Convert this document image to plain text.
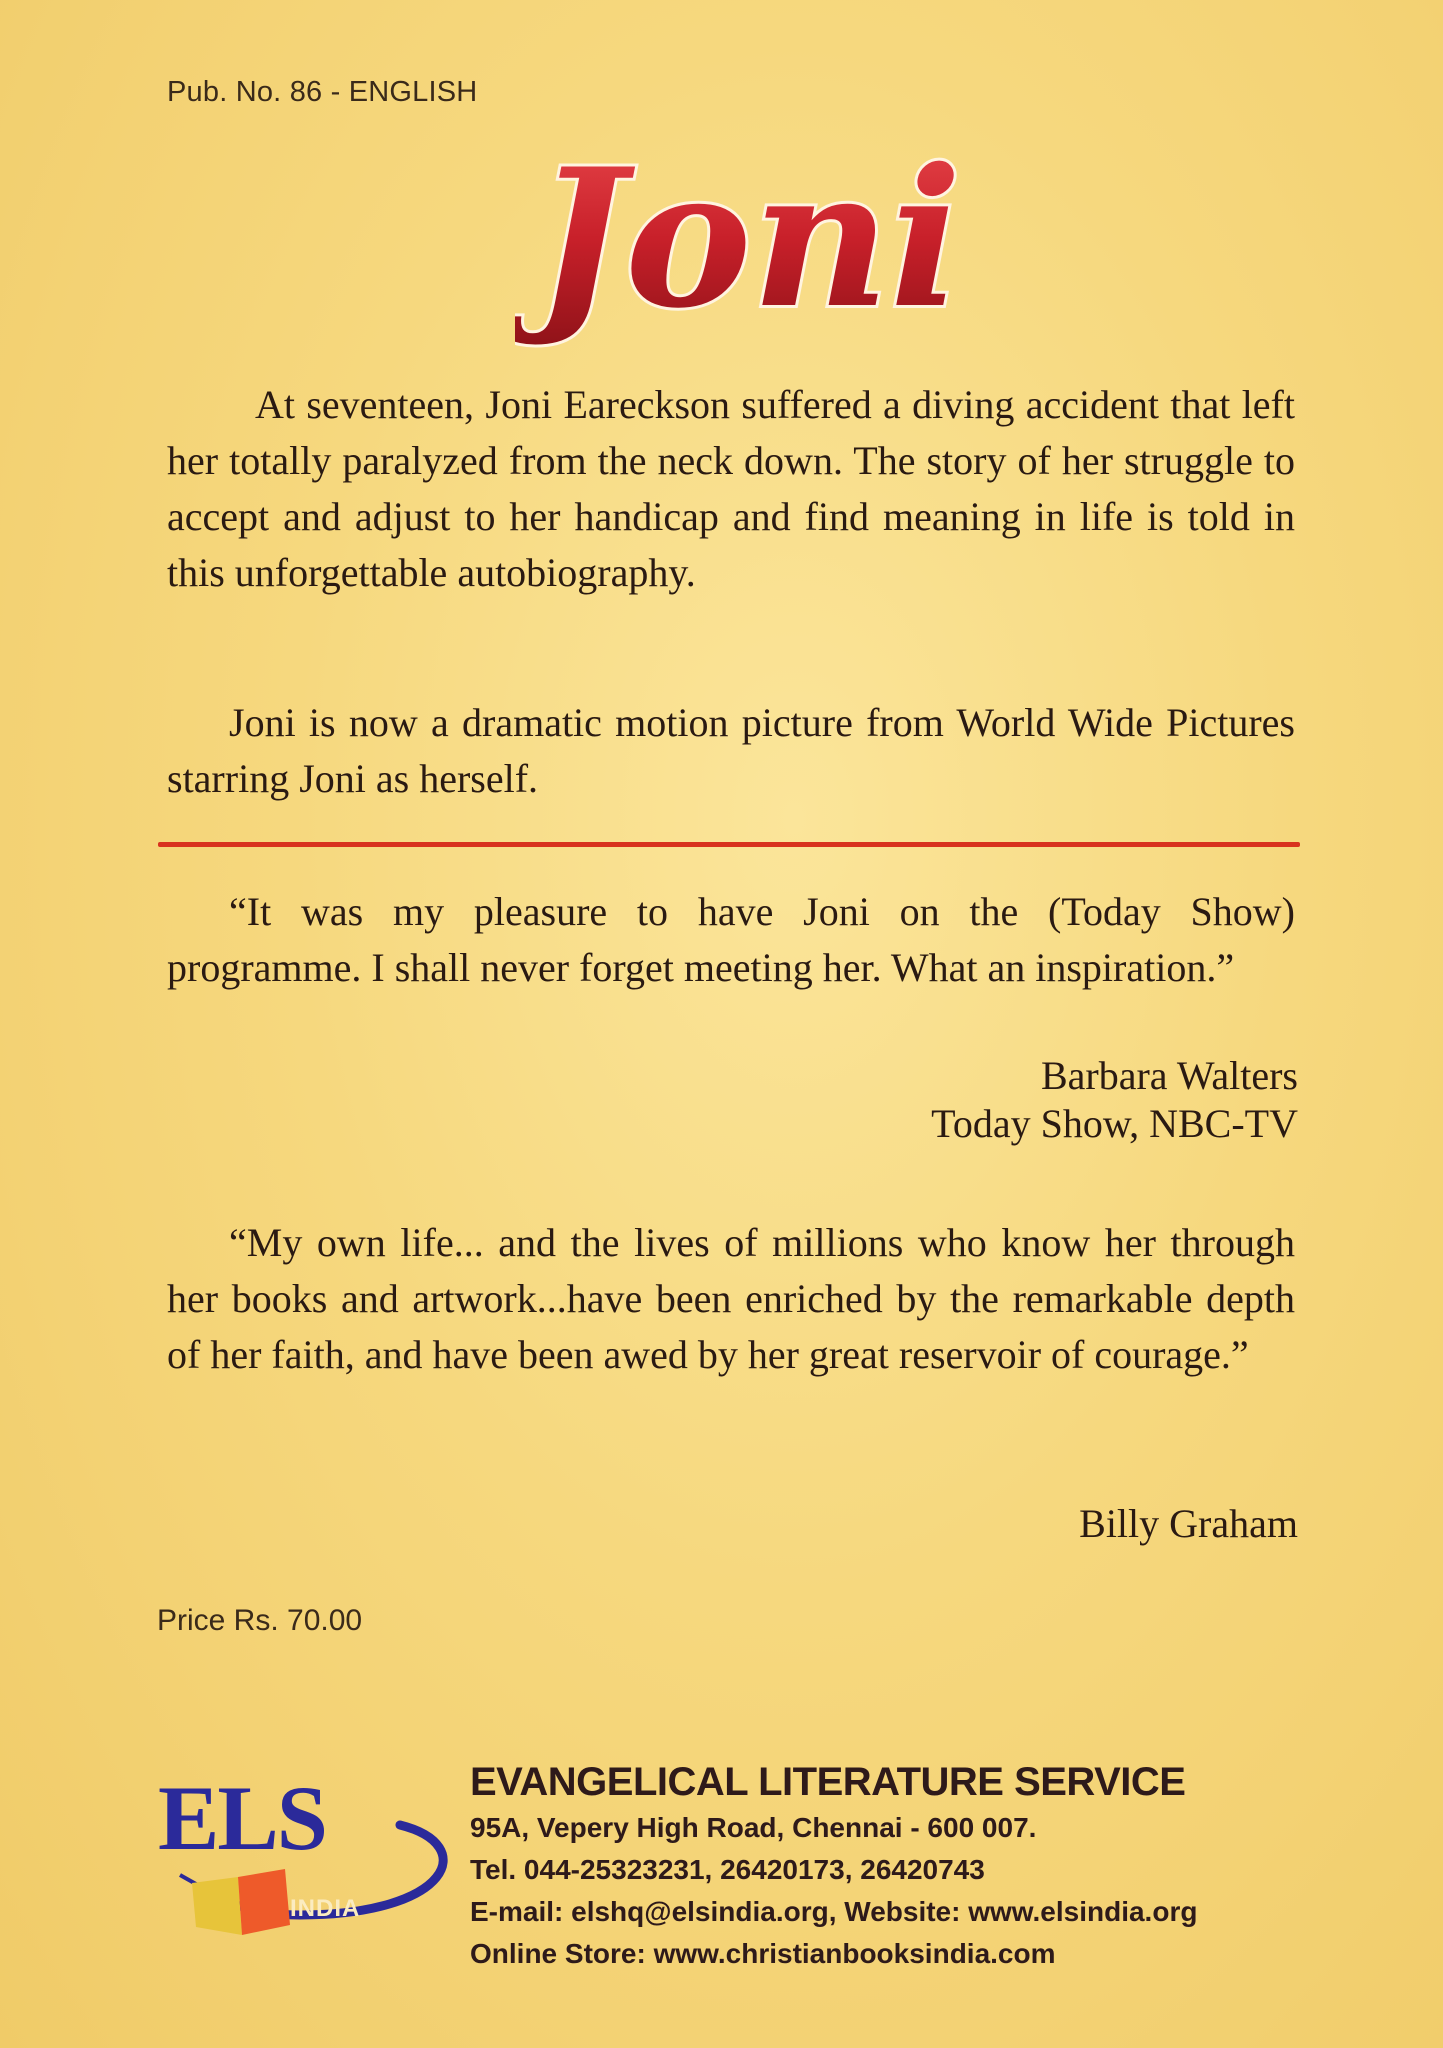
Pub. No. 86 - ENGLISH
Joni
At seventeen, Joni Eareckson suffered a diving accident that left her totally paralyzed from the neck down. The story of her struggle to accept and adjust to her handicap and find meaning in life is told in this unforgettable autobiography.
Joni is now a dramatic motion picture from World Wide Pictures starring Joni as herself.
“It was my pleasure to have Joni on the (Today Show) programme. I shall never forget meeting her. What an inspiration.”
Barbara Walters
Today Show, NBC-TV
“My own life... and the lives of millions who know her through her books and artwork...have been enriched by the remarkable depth of her faith, and have been awed by her great reservoir of courage.”
Billy Graham
Price Rs. 70.00
ELS
INDIA
EVANGELICAL LITERATURE SERVICE
95A, Vepery High Road, Chennai - 600 007.
Tel. 044-25323231, 26420173, 26420743
E-mail: elshq@elsindia.org, Website: www.elsindia.org
Online Store: www.christianbooksindia.com
